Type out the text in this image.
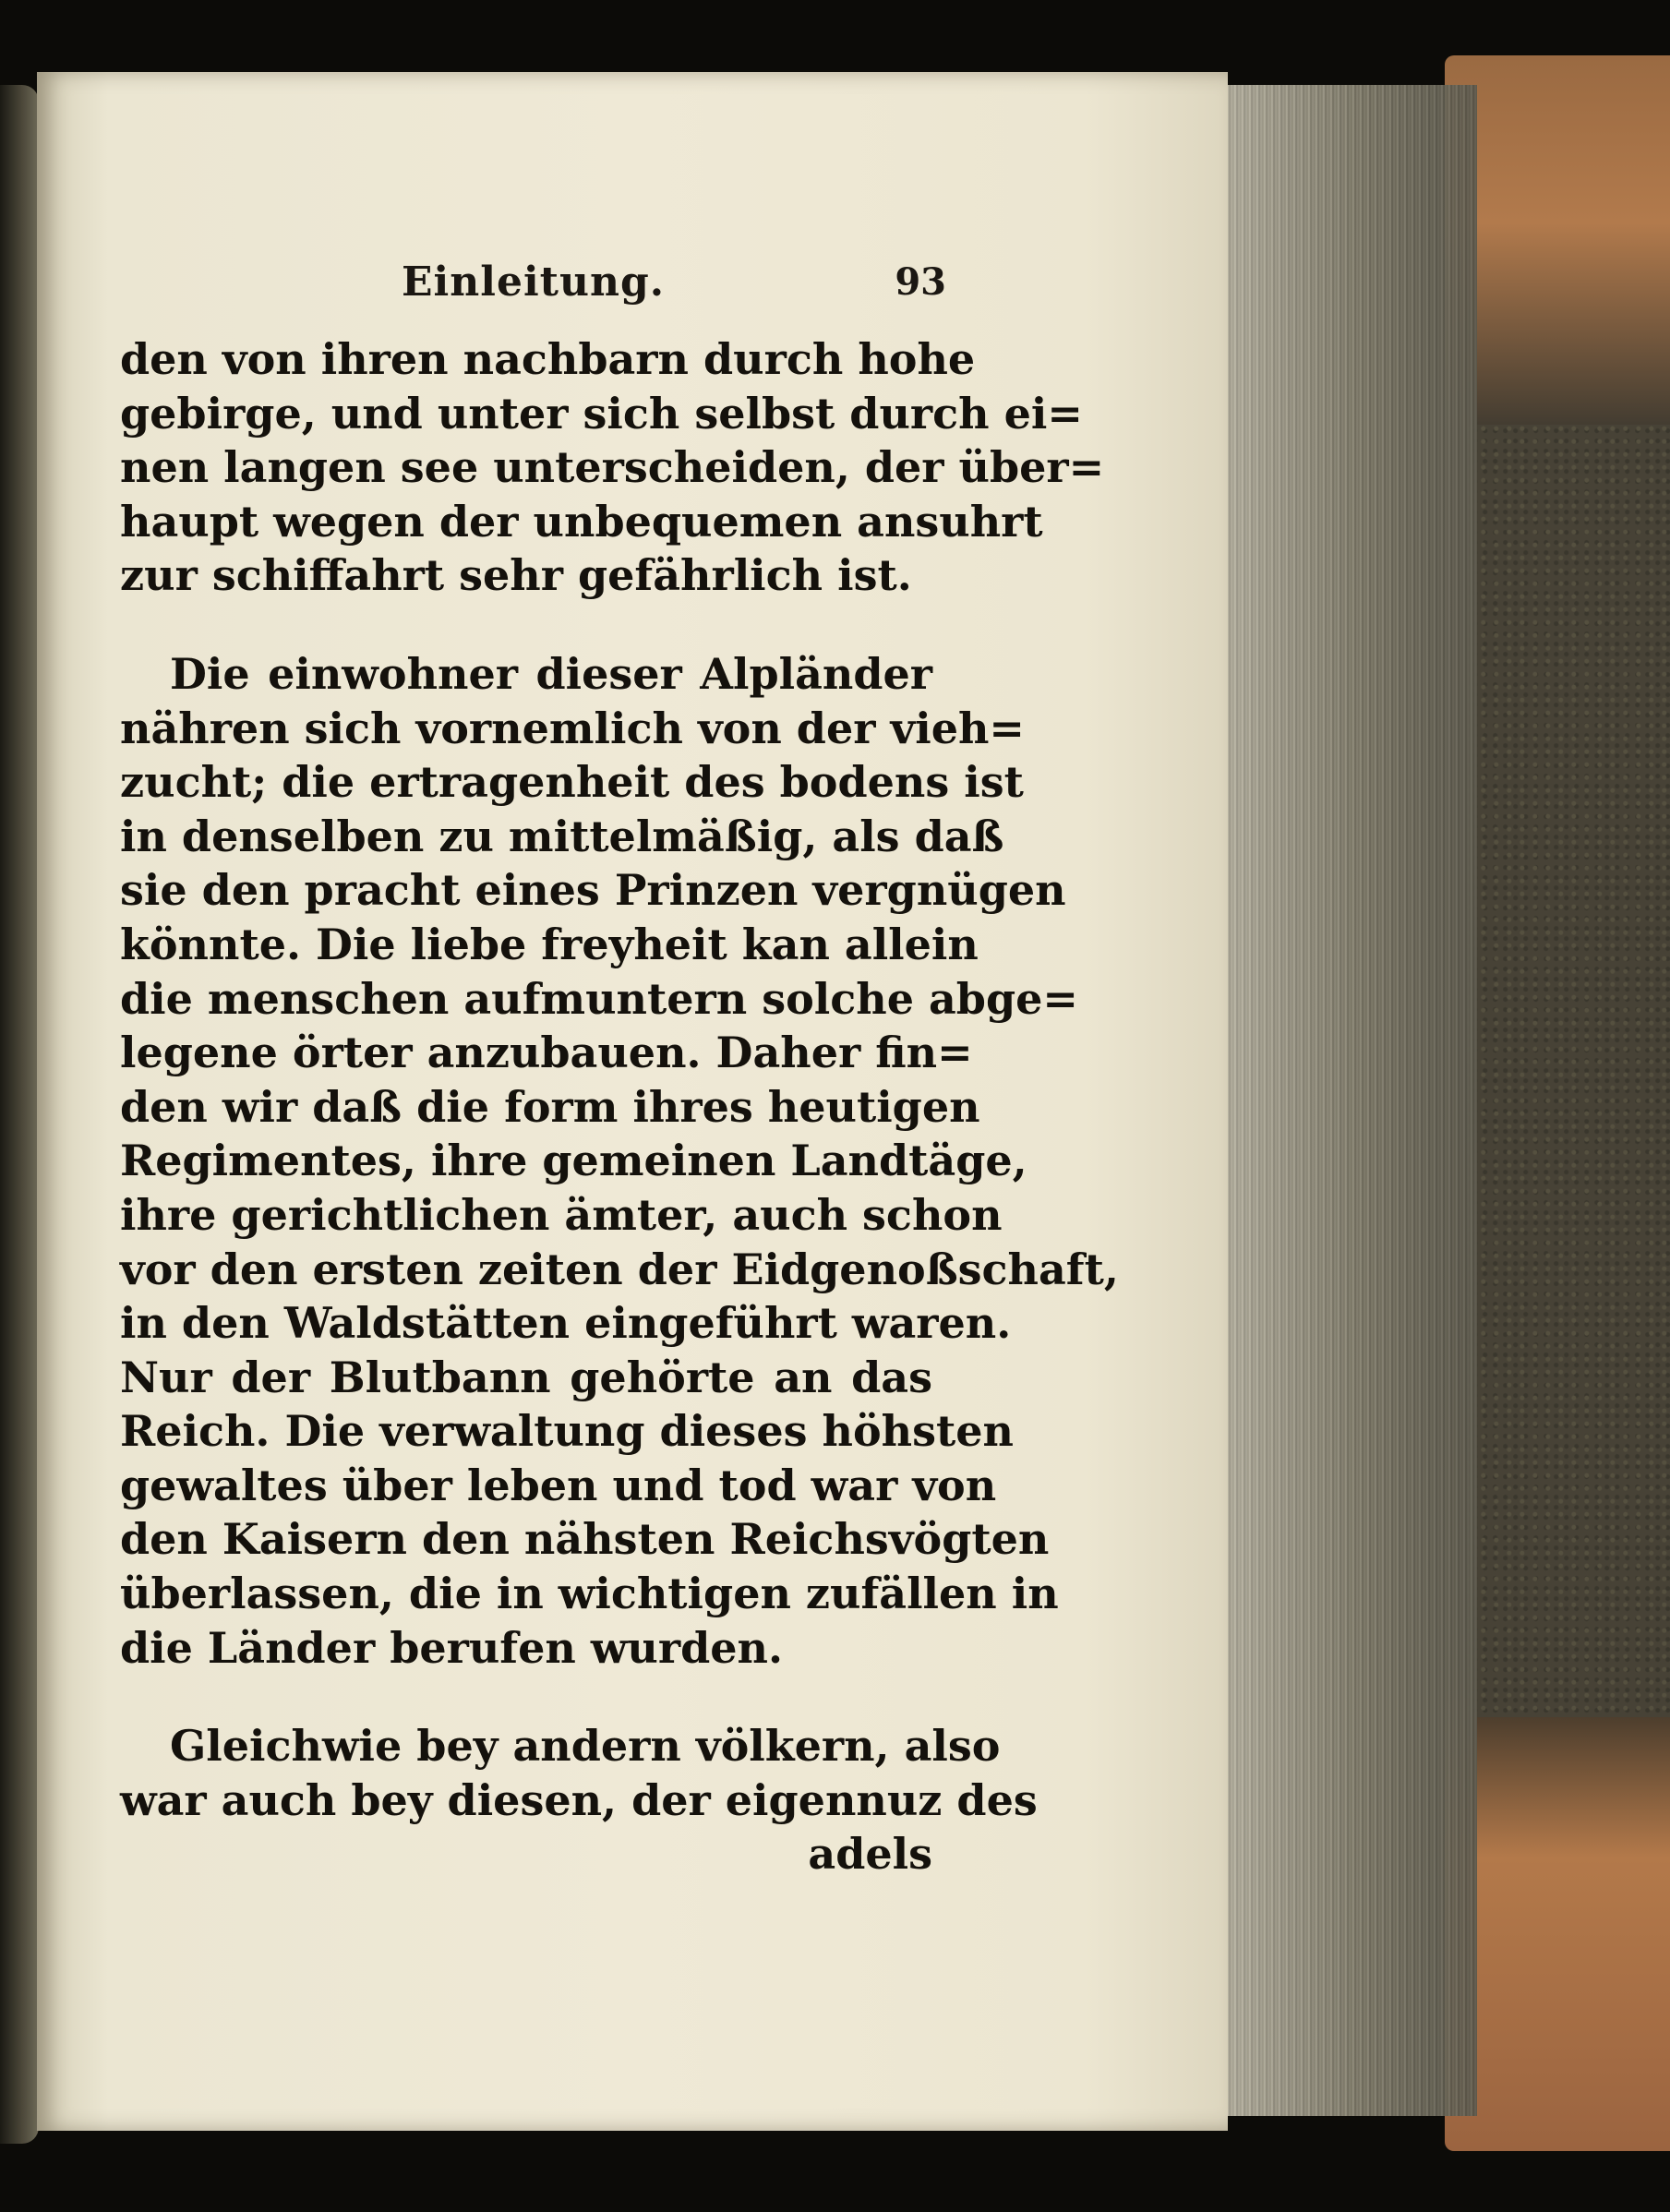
Einleitung.	93
den von ihren nachbarn durch hohe
gebirge, und unter sich selbst durch ei=
nen langen see unterscheiden, der über=
haupt wegen der unbequemen ansuhrt
zur schiffahrt sehr gefährlich ist.
Die einwohner dieser Alpländer
nähren sich vornemlich von der vieh=
zucht; die ertragenheit des bodens ist
in denselben zu mittelmäßig, als daß
sie den pracht eines Prinzen vergnügen
könnte. Die liebe freyheit kan allein
die menschen aufmuntern solche abge=
legene örter anzubauen. Daher fin=
den wir daß die form ihres heutigen
Regimentes, ihre gemeinen Landtäge,
ihre gerichtlichen ämter, auch schon
vor den ersten zeiten der Eidgenoßschaft,
in den Waldstätten eingeführt waren.
Nur der Blutbann gehörte an das
Reich. Die verwaltung dieses höhsten
gewaltes über leben und tod war von
den Kaisern den nähsten Reichsvögten
überlassen, die in wichtigen zufällen in
die Länder berufen wurden.
Gleichwie bey andern völkern, also
war auch bey diesen, der eigennuz des
adels
